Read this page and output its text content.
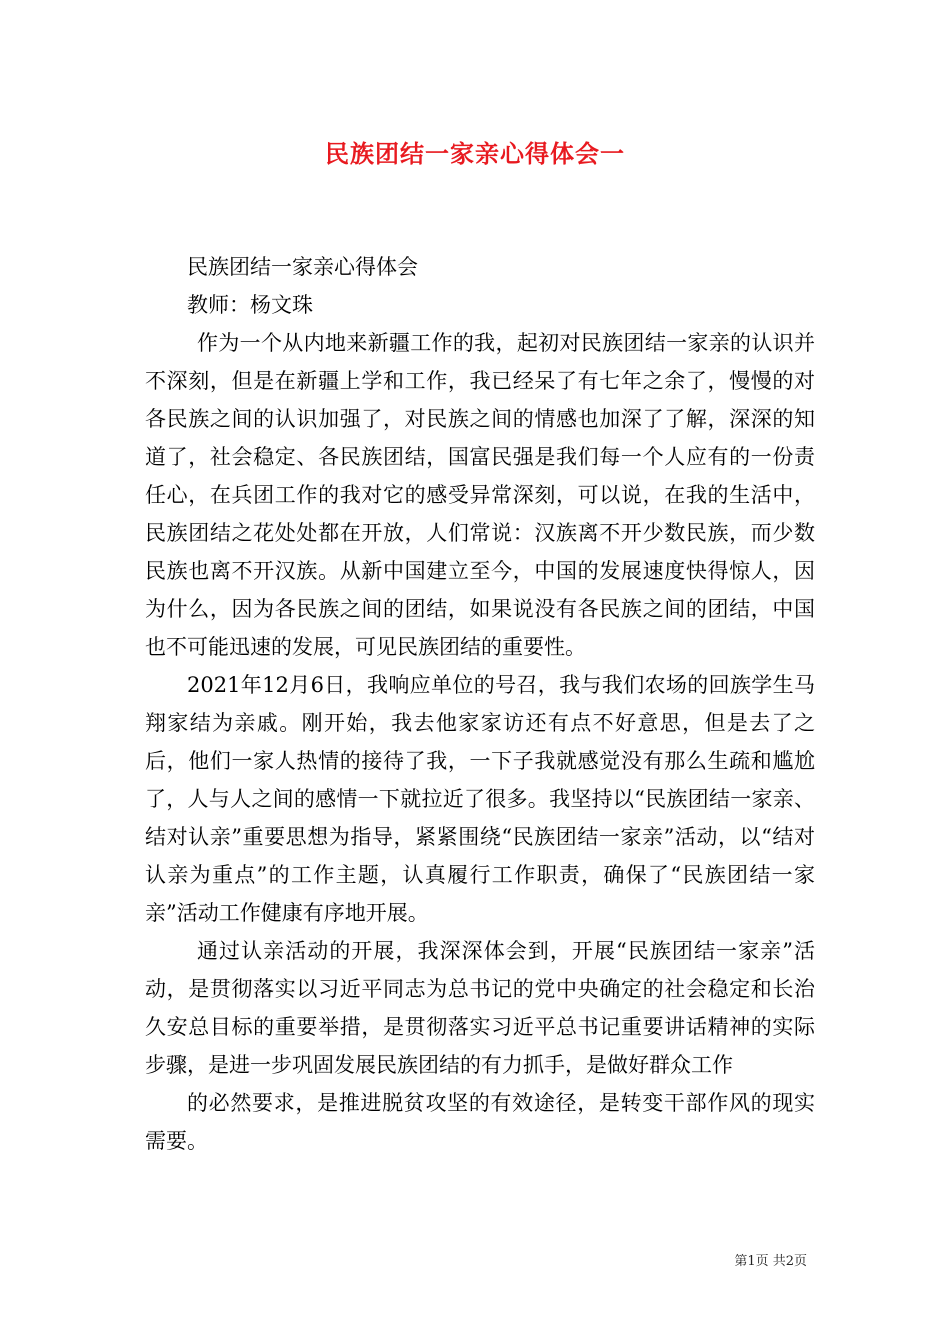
民族团结一家亲心得体会一

民族团结一家亲心得体会

教师：杨文珠

作为一个从内地来新疆工作的我，起初对民族团结一家亲的认识并不深刻，但是在新疆上学和工作，我已经呆了有七年之余了，慢慢的对各民族之间的认识加强了，对民族之间的情感也加深了了解，深深的知道了，社会稳定、各民族团结，国富民强是我们每一个人应有的一份责任心，在兵团工作的我对它的感受异常深刻，可以说，在我的生活中，民族团结之花处处都在开放，人们常说：汉族离不开少数民族，而少数民族也离不开汉族。从新中国建立至今，中国的发展速度快得惊人，因为什么，因为各民族之间的团结，如果说没有各民族之间的团结，中国也不可能迅速的发展，可见民族团结的重要性。

2021年12月6日，我响应单位的号召，我与我们农场的回族学生马翔家结为亲戚。刚开始，我去他家家访还有点不好意思，但是去了之后，他们一家人热情的接待了我，一下子我就感觉没有那么生疏和尴尬了，人与人之间的感情一下就拉近了很多。我坚持以“民族团结一家亲、结对认亲”重要思想为指导，紧紧围绕“民族团结一家亲”活动，以“结对认亲为重点”的工作主题，认真履行工作职责，确保了“民族团结一家亲”活动工作健康有序地开展。

通过认亲活动的开展，我深深体会到，开展“民族团结一家亲”活动，是贯彻落实以习近平同志为总书记的党中央确定的社会稳定和长治久安总目标的重要举措，是贯彻落实习近平总书记重要讲话精神的实际步骤，是进一步巩固发展民族团结的有力抓手，是做好群众工作

的必然要求，是推进脱贫攻坚的有效途径，是转变干部作风的现实需要。

第1页 共2页
